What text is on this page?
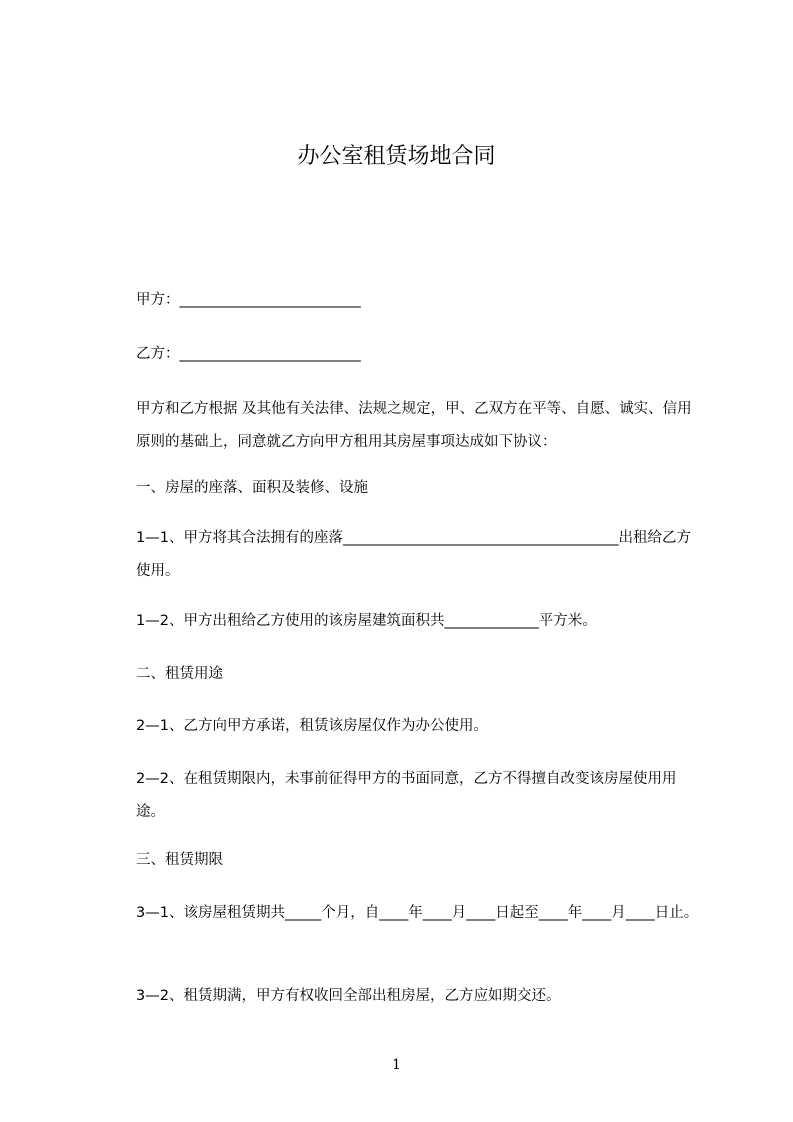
办公室租赁场地合同
甲方：_________________________
乙方：_________________________
甲方和乙方根据 及其他有关法律、法规之规定，甲、乙双方在平等、自愿、诚实、信用原则的基础上，同意就乙方向甲方租用其房屋事项达成如下协议：
一、房屋的座落、面积及装修、设施
1—1、甲方将其合法拥有的座落______________________________________出租给乙方使用。
1—2、甲方出租给乙方使用的该房屋建筑面积共_____________平方米。
二、租赁用途
2—1、乙方向甲方承诺，租赁该房屋仅作为办公使用。
2—2、在租赁期限内，未事前征得甲方的书面同意，乙方不得擅自改变该房屋使用用途。
三、租赁期限
3—1、该房屋租赁期共_____个月，自____年____月____日起至____年____月____日止。
3—2、租赁期满，甲方有权收回全部出租房屋，乙方应如期交还。
1
